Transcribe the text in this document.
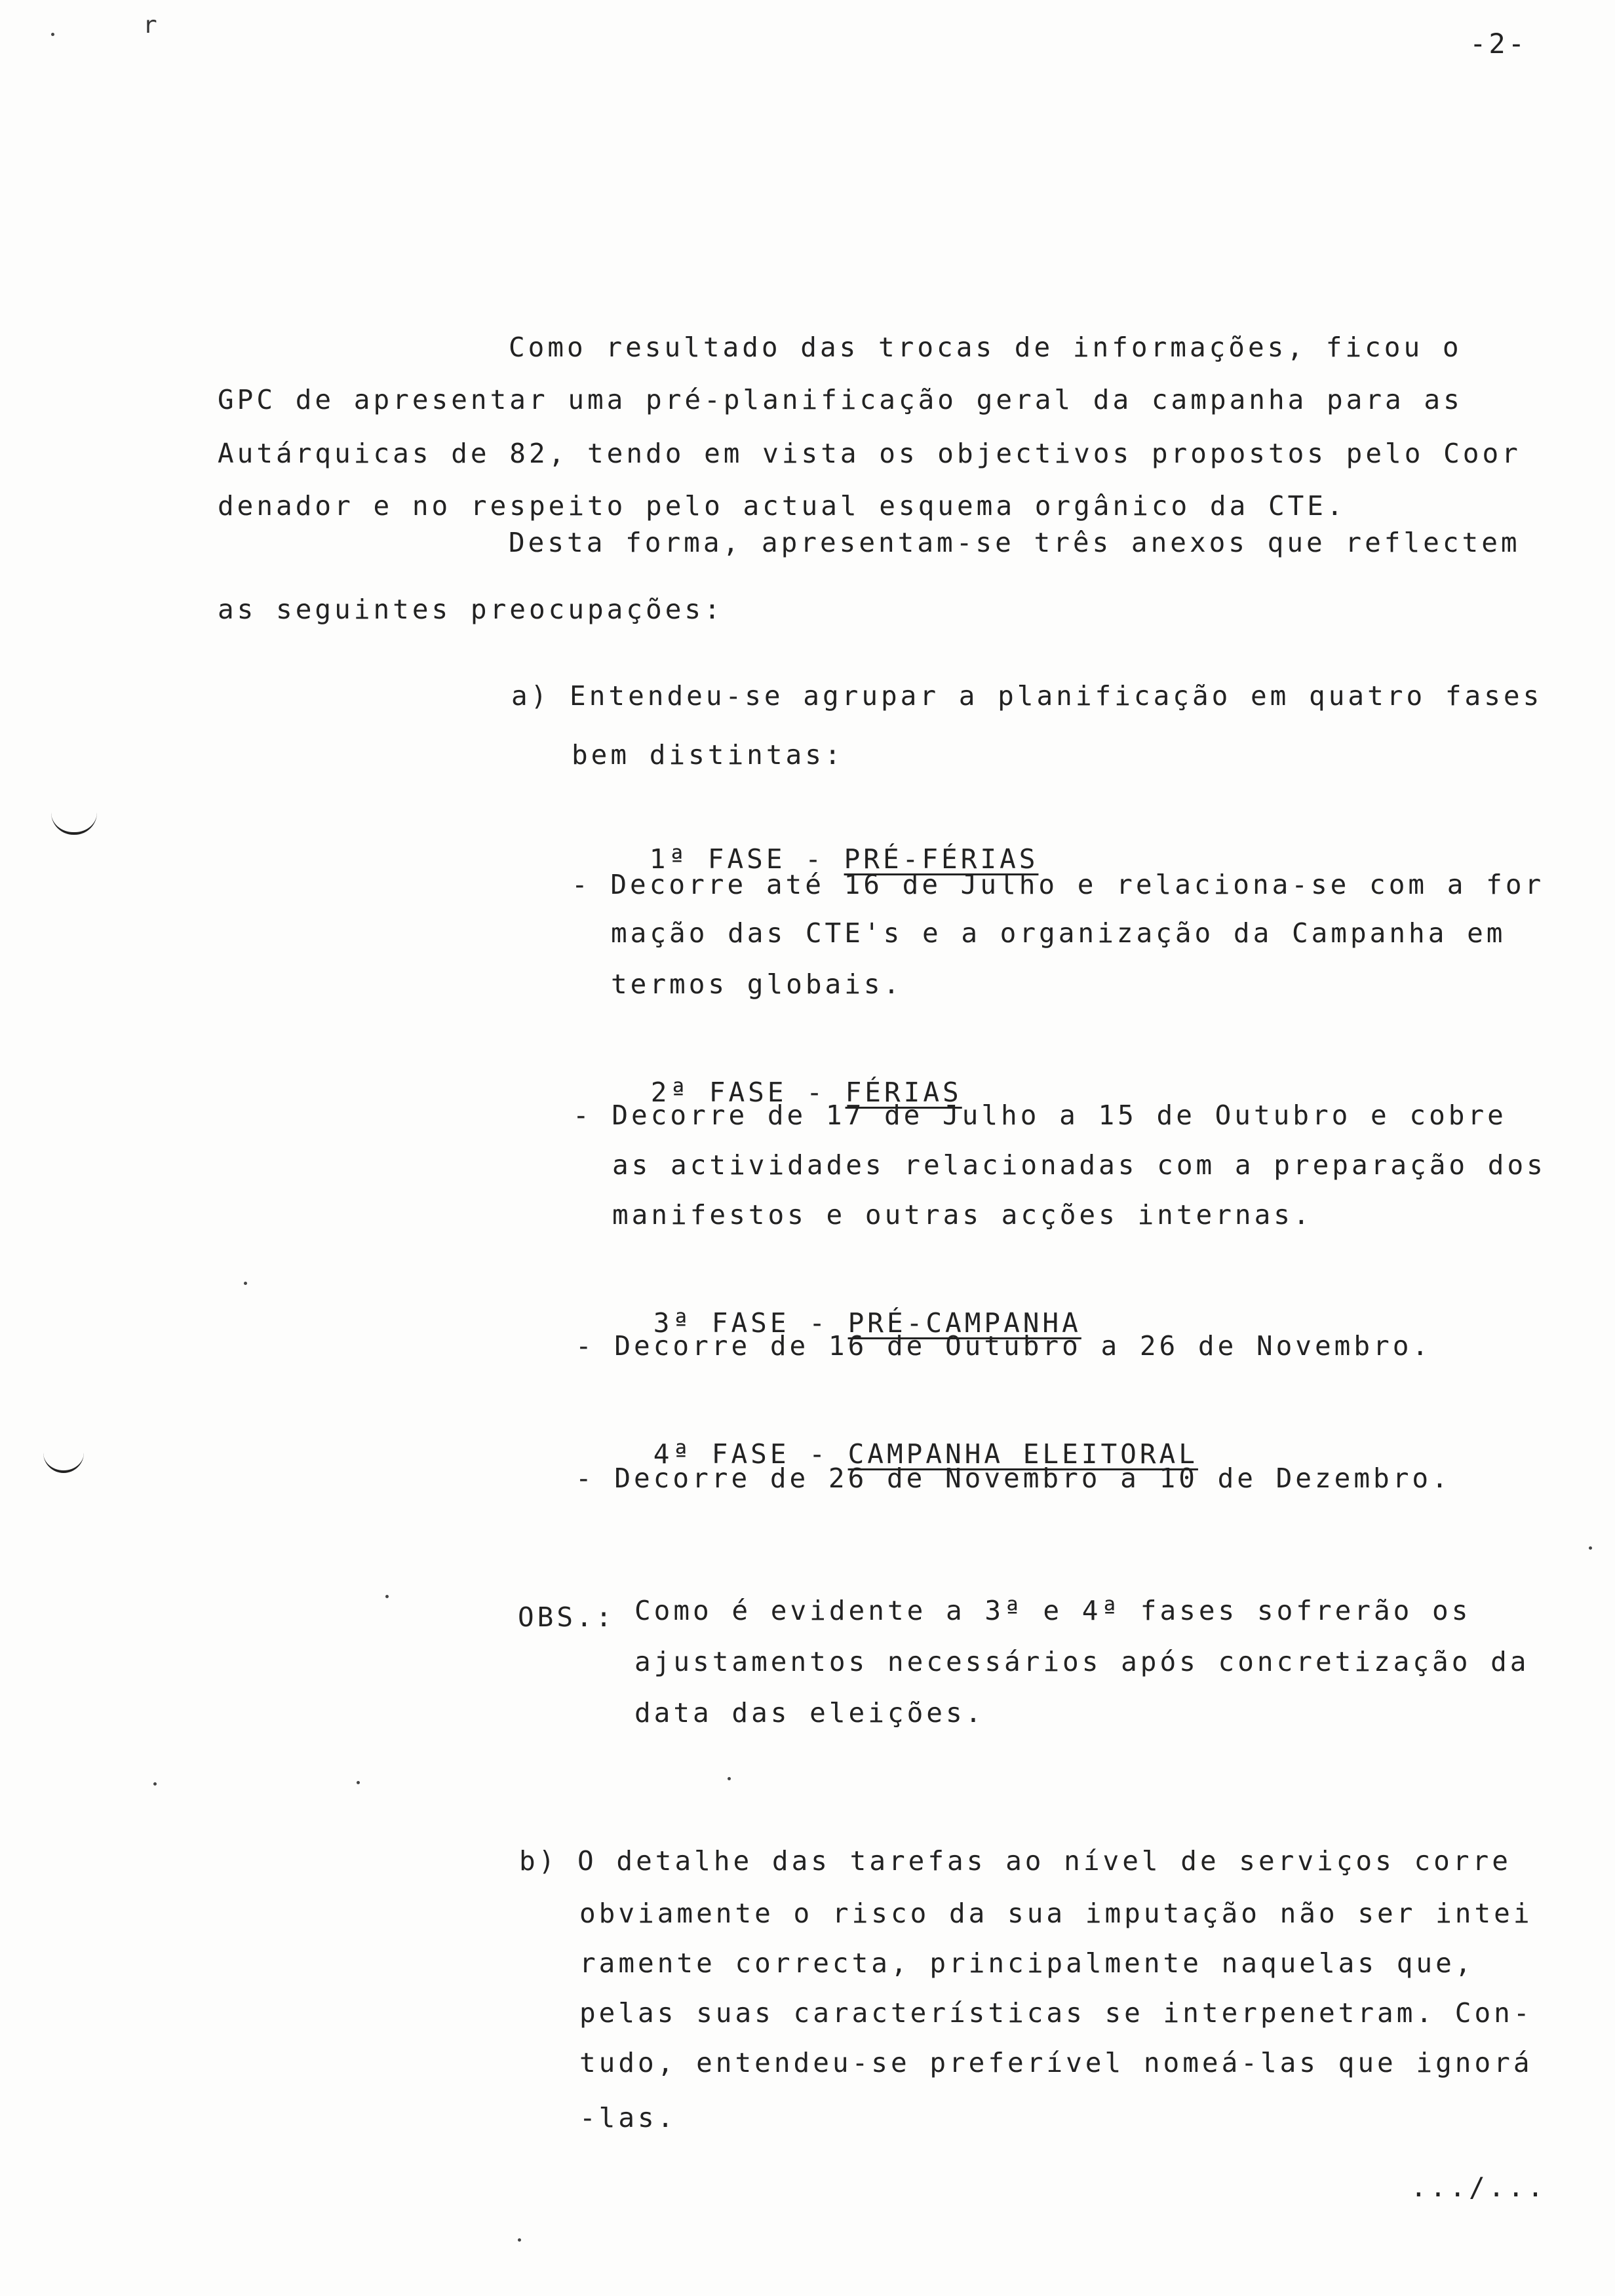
r
-2-
Como resultado das trocas de informações, ficou o
GPC de apresentar uma pré-planificação geral da campanha para as
Autárquicas de 82, tendo em vista os objectivos propostos pelo Coor
denador e no respeito pelo actual esquema orgânico da CTE.
Desta forma, apresentam-se três anexos que reflectem
as seguintes preocupações:
a) Entendeu-se agrupar a planificação em quatro fases
bem distintas:

1ª FASE - PRÉ-FÉRIAS

- Decorre até 16 de Julho e relaciona-se com a for
mação das CTE's e a organização da Campanha em
termos globais.

2ª FASE - FÉRIAS

- Decorre de 17 de Julho a 15 de Outubro e cobre
as actividades relacionadas com a preparação dos
manifestos e outras acções internas.

3ª FASE - PRÉ-CAMPANHA

- Decorre de 16 de Outubro a 26 de Novembro.

4ª FASE - CAMPANHA ELEITORAL

- Decorre de 26 de Novembro a 10 de Dezembro.
OBS.: Como é evidente a 3ª e 4ª fases sofrerão os
ajustamentos necessários após concretização da
data das eleições.
b) O detalhe das tarefas ao nível de serviços corre
obviamente o risco da sua imputação não ser intei
ramente correcta, principalmente naquelas que,
pelas suas características se interpenetram. Con-
tudo, entendeu-se preferível nomeá-las que ignorá
-las.
.../...
